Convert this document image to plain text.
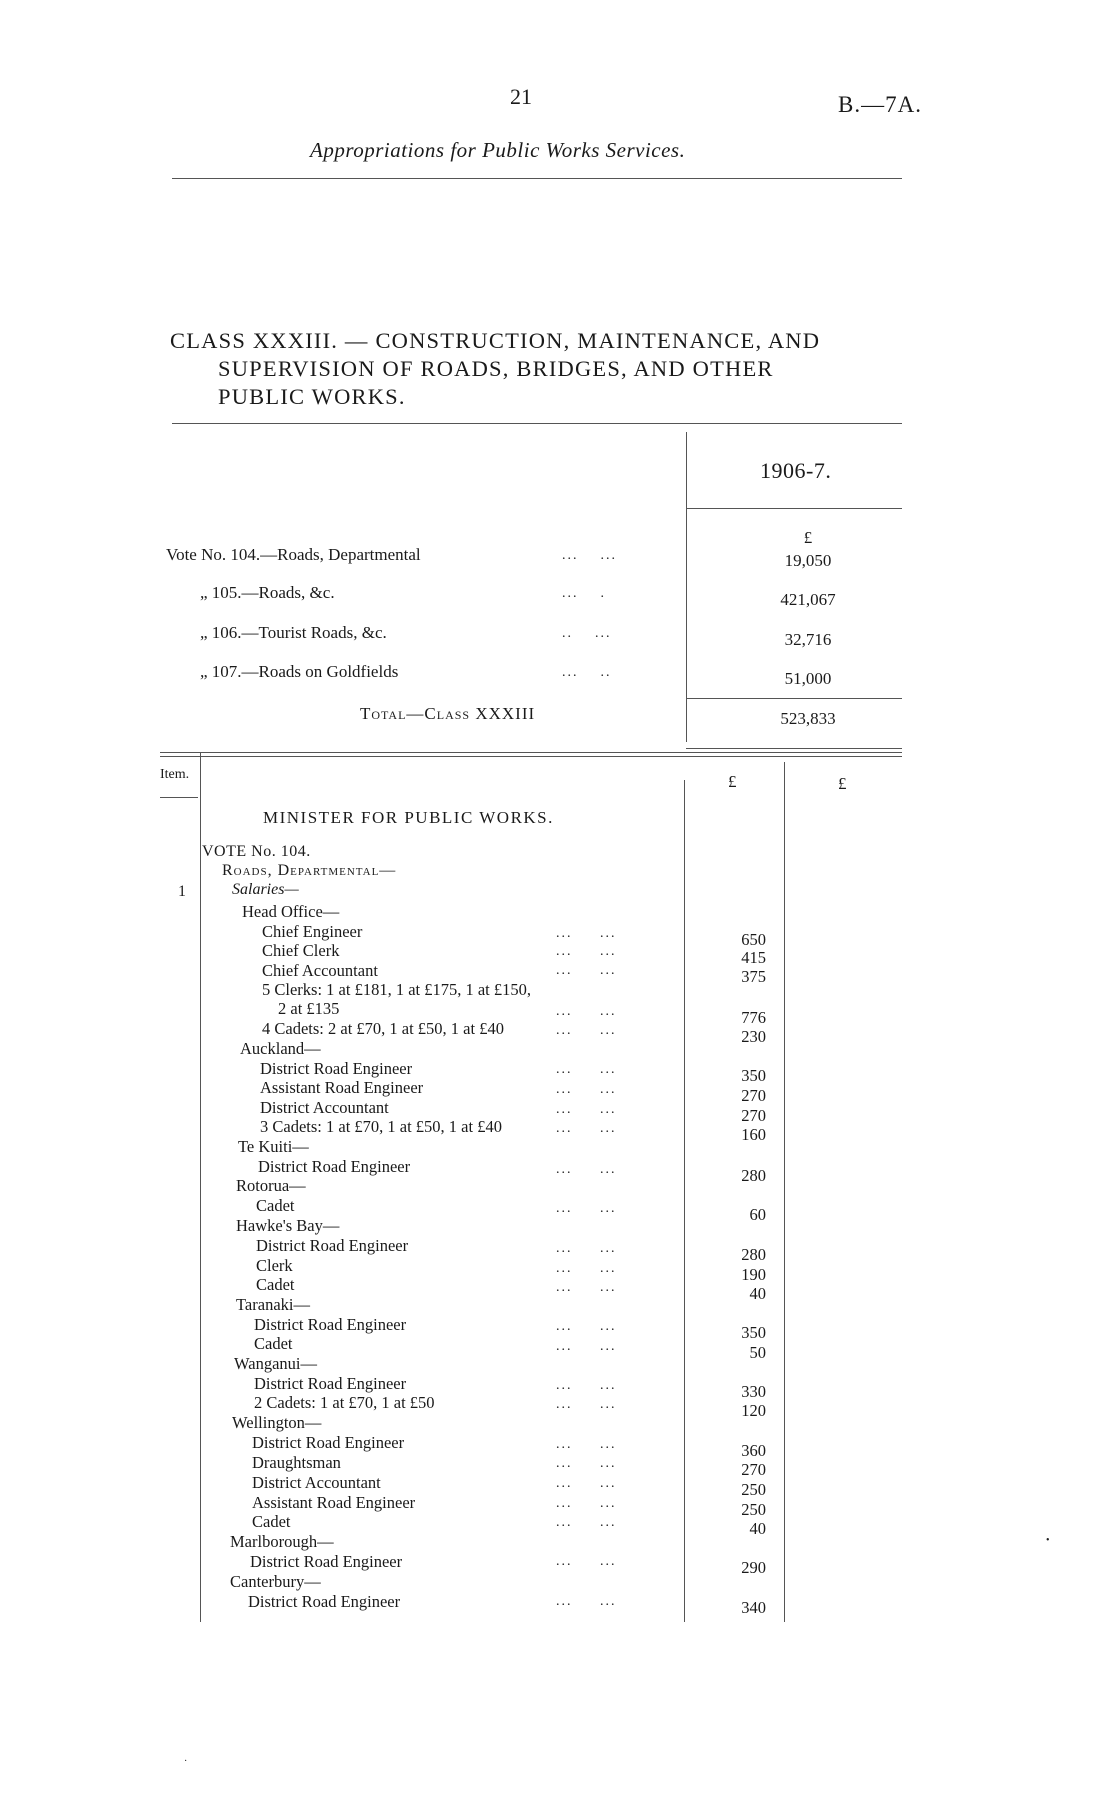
21	B.—7A.
Appropriations for Public Works Services.
CLASS XXXIII. — CONSTRUCTION, MAINTENANCE, AND
SUPERVISION OF ROADS, BRIDGES, AND OTHER
PUBLIC WORKS.
1906-7.
£
Vote No. 104.—Roads, Departmental	...    ...	19,050
„ 105.—Roads, &c.	...    .	421,067
„ 106.—Tourist Roads, &c.	..    ...	32,716
„ 107.—Roads on Goldfields	...    ..	51,000
Total—Class XXXIII	523,833
Item.	£	£
MINISTER FOR PUBLIC WORKS.
VOTE No. 104.
Roads, Departmental—
1	Salaries—
Head Office—
Chief Engineer	...     ...	650
Chief Clerk	...     ...	415
Chief Accountant	...     ...	375
5 Clerks: 1 at £181, 1 at £175, 1 at £150,
2 at £135	...     ...	776
4 Cadets: 2 at £70, 1 at £50, 1 at £40	...     ...	230
Auckland—
District Road Engineer	...     ...	350
Assistant Road Engineer	...     ...	270
District Accountant	...     ...	270
3 Cadets: 1 at £70, 1 at £50, 1 at £40	...     ...	160
Te Kuiti—
District Road Engineer	...     ...	280
Rotorua—
Cadet	...     ...	60
Hawke's Bay—
District Road Engineer	...     ...	280
Clerk	...     ...	190
Cadet	...     ...	40
Taranaki—
District Road Engineer	...     ...	350
Cadet	...     ...	50
Wanganui—
District Road Engineer	...     ...	330
2 Cadets: 1 at £70, 1 at £50	...     ...	120
Wellington—
District Road Engineer	...     ...	360
Draughtsman	...     ...	270
District Accountant	...     ...	250
Assistant Road Engineer	...     ...	250
Cadet	...     ...	40
Marlborough—
District Road Engineer	...     ...	290
Canterbury—
District Road Engineer	...     ...	340
•
·
